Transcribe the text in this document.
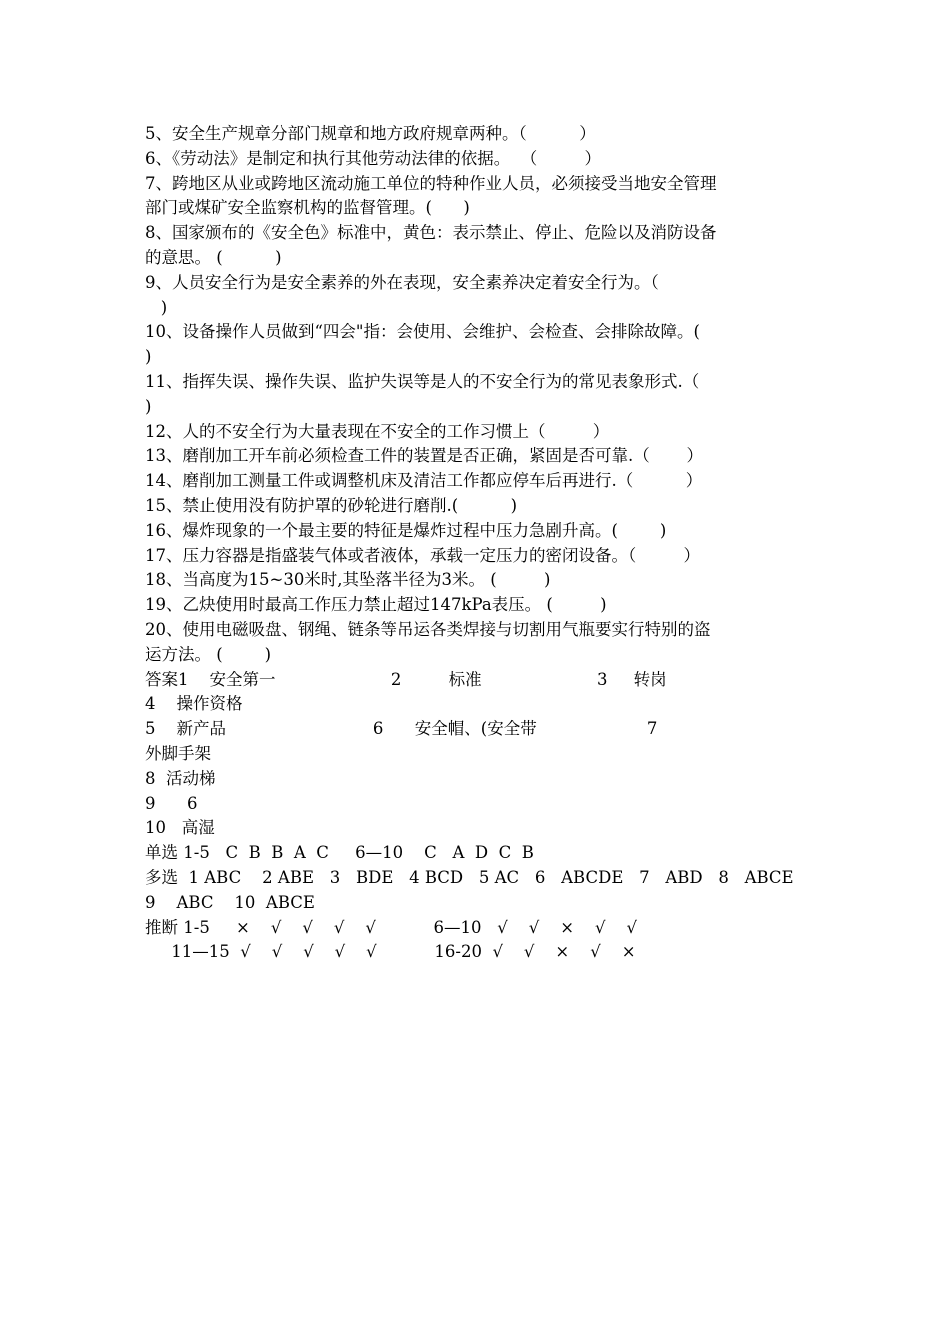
5、安全生产规章分部门规章和地方政府规章两种。（          ）
6、《劳动法》是制定和执行其他劳动法律的依据。  （         ）
7、跨地区从业或跨地区流动施工单位的特种作业人员，必须接受当地安全管理
部门或煤矿安全监察机构的监督管理。(      )
8、国家颁布的《安全色》标准中，黄色：表示禁止、停止、危险以及消防设备
的意思。 (          )
9、人员安全行为是安全素养的外在表现，安全素养决定着安全行为。（
)
10、设备操作人员做到“四会"指：会使用、会维护、会检查、会排除故障。(
)
11、指挥失误、操作失误、监护失误等是人的不安全行为的常见表象形式.（
)
12、人的不安全行为大量表现在不安全的工作习惯上（         ）
13、磨削加工开车前必须检查工件的装置是否正确，紧固是否可靠.（       ）
14、磨削加工测量工件或调整机床及清洁工作都应停车后再进行.（          ）
15、禁止使用没有防护罩的砂轮进行磨削.(          )
16、爆炸现象的一个最主要的特征是爆炸过程中压力急剧升高。(        )
17、压力容器是指盛装气体或者液体，承载一定压力的密闭设备。（         ）
18、当高度为15~30米时,其坠落半径为3米。 (         )
19、乙炔使用时最高工作压力禁止超过147kPa表压。 (         )
20、使用电磁吸盘、钢绳、链条等吊运各类焊接与切割用气瓶要实行特别的盗
运方法。 (        )
答案1    安全第一                      2         标准                      3     转岗
4    操作资格
5    新产品                            6      安全帽、(安全带                     7
外脚手架
8  活动梯
9      6
10   高湿
单选 1-5   C  B  B  A  C     6—10    C   A  D  C  B
多选  1 ABC    2 ABE   3   BDE   4 BCD   5 AC   6   ABCDE   7   ABD   8   ABCE
9    ABC    10  ABCE
推断 1-5     ×    √    √    √    √           6—10   √    √    ×    √    √
11—15  √    √    √    √    √           16-20  √    √    ×    √    ×
